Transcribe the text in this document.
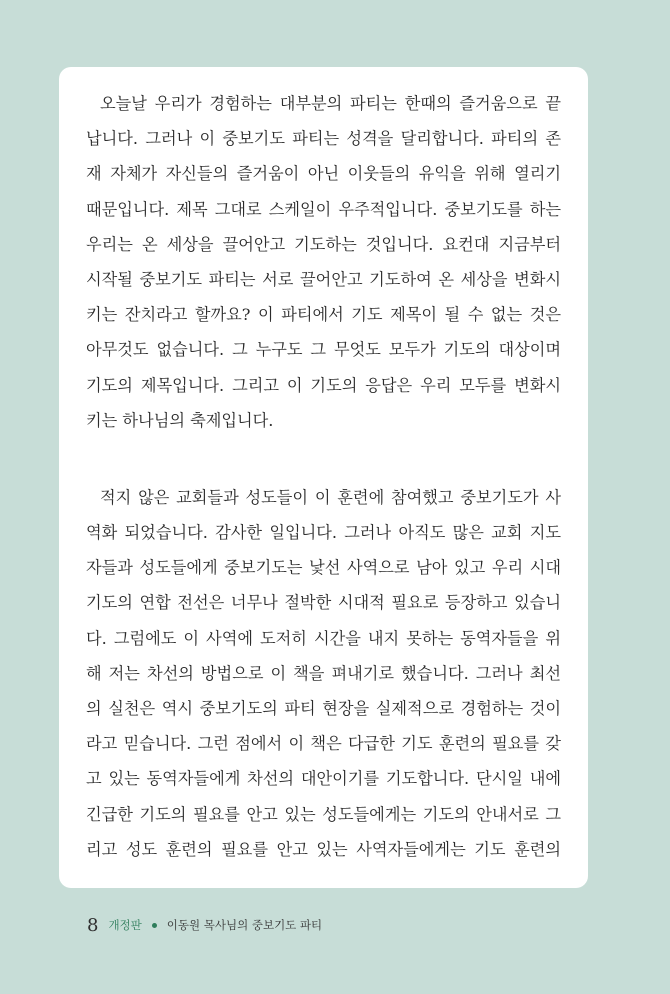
오늘날 우리가 경험하는 대부분의 파티는 한때의 즐거움으로 끝
납니다. 그러나 이 중보기도 파티는 성격을 달리합니다. 파티의 존
재 자체가 자신들의 즐거움이 아닌 이웃들의 유익을 위해 열리기
때문입니다. 제목 그대로 스케일이 우주적입니다. 중보기도를 하는
우리는 온 세상을 끌어안고 기도하는 것입니다. 요컨대 지금부터
시작될 중보기도 파티는 서로 끌어안고 기도하여 온 세상을 변화시
키는 잔치라고 할까요? 이 파티에서 기도 제목이 될 수 없는 것은
아무것도 없습니다. 그 누구도 그 무엇도 모두가 기도의 대상이며
기도의 제목입니다. 그리고 이 기도의 응답은 우리 모두를 변화시
키는 하나님의 축제입니다.
적지 않은 교회들과 성도들이 이 훈련에 참여했고 중보기도가 사
역화 되었습니다. 감사한 일입니다. 그러나 아직도 많은 교회 지도
자들과 성도들에게 중보기도는 낯선 사역으로 남아 있고 우리 시대
기도의 연합 전선은 너무나 절박한 시대적 필요로 등장하고 있습니
다. 그럼에도 이 사역에 도저히 시간을 내지 못하는 동역자들을 위
해 저는 차선의 방법으로 이 책을 펴내기로 했습니다. 그러나 최선
의 실천은 역시 중보기도의 파티 현장을 실제적으로 경험하는 것이
라고 믿습니다. 그런 점에서 이 책은 다급한 기도 훈련의 필요를 갖
고 있는 동역자들에게 차선의 대안이기를 기도합니다. 단시일 내에
긴급한 기도의 필요를 안고 있는 성도들에게는 기도의 안내서로 그
리고 성도 훈련의 필요를 안고 있는 사역자들에게는 기도 훈련의
8 개정판 이동원 목사님의 중보기도 파티
